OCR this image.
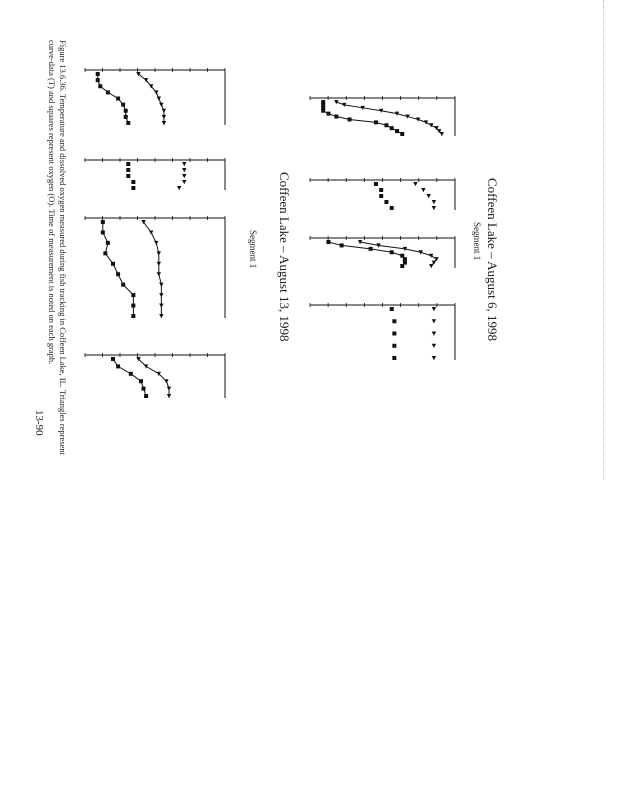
Coffeen Lake – August 6, 1998
Segment 1
Coffeen Lake – August 13, 1998
Segment 1
Figure 13.6.36. Temperature and dissolved oxygen measured during fish tracking in Coffeen Lake, IL. Triangles represent
curve-data (T) and squares represent oxygen (O). Time of measurement is noted on each graph.
13-90
